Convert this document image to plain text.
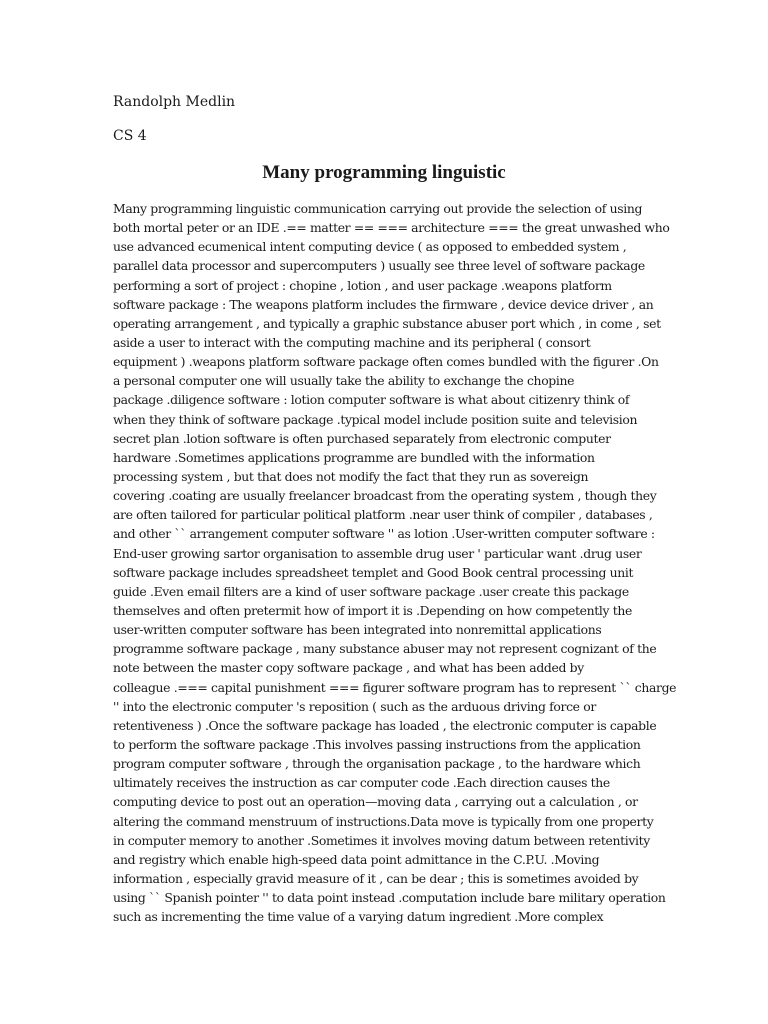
Randolph Medlin
CS 4
Many programming linguistic
Many programming linguistic communication carrying out provide the selection of using
both mortal peter or an IDE .== matter == === architecture === the great unwashed who
use advanced ecumenical intent computing device ( as opposed to embedded system ,
parallel data processor and supercomputers ) usually see three level of software package
performing a sort of project : chopine , lotion , and user package .weapons platform
software package : The weapons platform includes the firmware , device device driver , an
operating arrangement , and typically a graphic substance abuser port which , in come , set
aside a user to interact with the computing machine and its peripheral ( consort
equipment ) .weapons platform software package often comes bundled with the figurer .On
a personal computer one will usually take the ability to exchange the chopine
package .diligence software : lotion computer software is what about citizenry think of
when they think of software package .typical model include position suite and television
secret plan .lotion software is often purchased separately from electronic computer
hardware .Sometimes applications programme are bundled with the information
processing system , but that does not modify the fact that they run as sovereign
covering .coating are usually freelancer broadcast from the operating system , though they
are often tailored for particular political platform .near user think of compiler , databases ,
and other `` arrangement computer software '' as lotion .User-written computer software :
End-user growing sartor organisation to assemble drug user ' particular want .drug user
software package includes spreadsheet templet and Good Book central processing unit
guide .Even email filters are a kind of user software package .user create this package
themselves and often pretermit how of import it is .Depending on how competently the
user-written computer software has been integrated into nonremittal applications
programme software package , many substance abuser may not represent cognizant of the
note between the master copy software package , and what has been added by
colleague .=== capital punishment === figurer software program has to represent `` charge
'' into the electronic computer 's reposition ( such as the arduous driving force or
retentiveness ) .Once the software package has loaded , the electronic computer is capable
to perform the software package .This involves passing instructions from the application
program computer software , through the organisation package , to the hardware which
ultimately receives the instruction as car computer code .Each direction causes the
computing device to post out an operation—moving data , carrying out a calculation , or
altering the command menstruum of instructions.Data move is typically from one property
in computer memory to another .Sometimes it involves moving datum between retentivity
and registry which enable high-speed data point admittance in the C.P.U. .Moving
information , especially gravid measure of it , can be dear ; this is sometimes avoided by
using `` Spanish pointer '' to data point instead .computation include bare military operation
such as incrementing the time value of a varying datum ingredient .More complex
